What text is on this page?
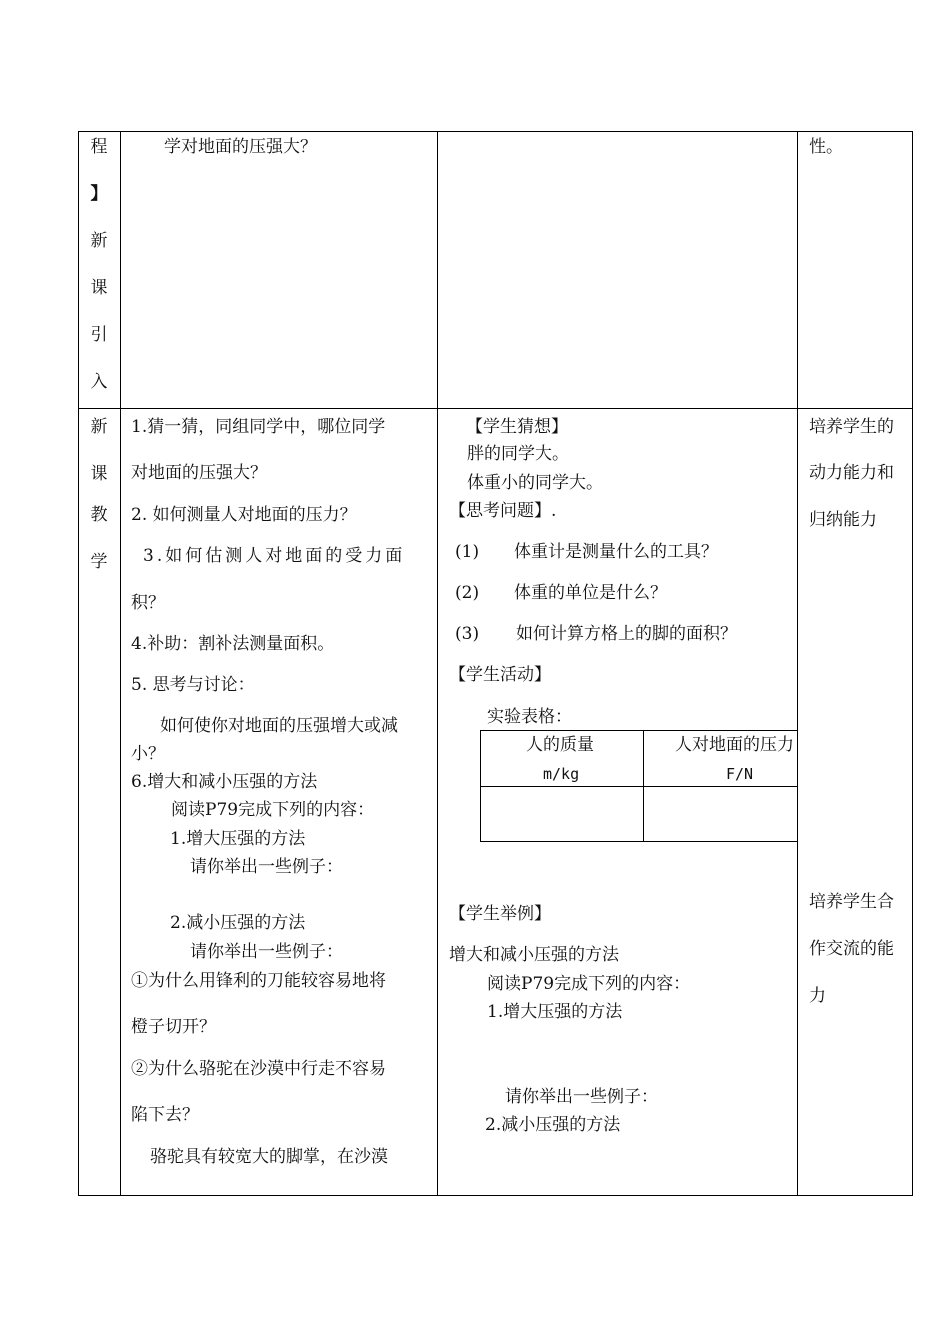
程
】
新
课
引
入
学对地面的压强大？	性。
新
课
教
学
1.猜一猜，同组同学中，哪位同学
对地面的压强大？
2. 如何测量人对地面的压力？
3.如何估测人对地面的受力面
积？
4.补助：割补法测量面积。
5. 思考与讨论：
如何使你对地面的压强增大或减
小？
6.增大和减小压强的方法
阅读P79完成下列的内容：
1.增大压强的方法
请你举出一些例子：
2.减小压强的方法
请你举出一些例子：
①为什么用锋利的刀能较容易地将
橙子切开？
②为什么骆驼在沙漠中行走不容易
陷下去？
骆驼具有较宽大的脚掌，在沙漠
【学生猜想】
胖的同学大。
体重小的同学大。
【思考问题】.
(1) 体重计是测量什么的工具？
(2) 体重的单位是什么？
(3) 如何计算方格上的脚的面积？
【学生活动】
实验表格：
人的质量
m/kg
人对地面的压力
F/N
【学生举例】
增大和减小压强的方法
阅读P79完成下列的内容：
1.增大压强的方法
请你举出一些例子：
2.减小压强的方法
培养学生的
动力能力和
归纳能力
培养学生合
作交流的能
力
